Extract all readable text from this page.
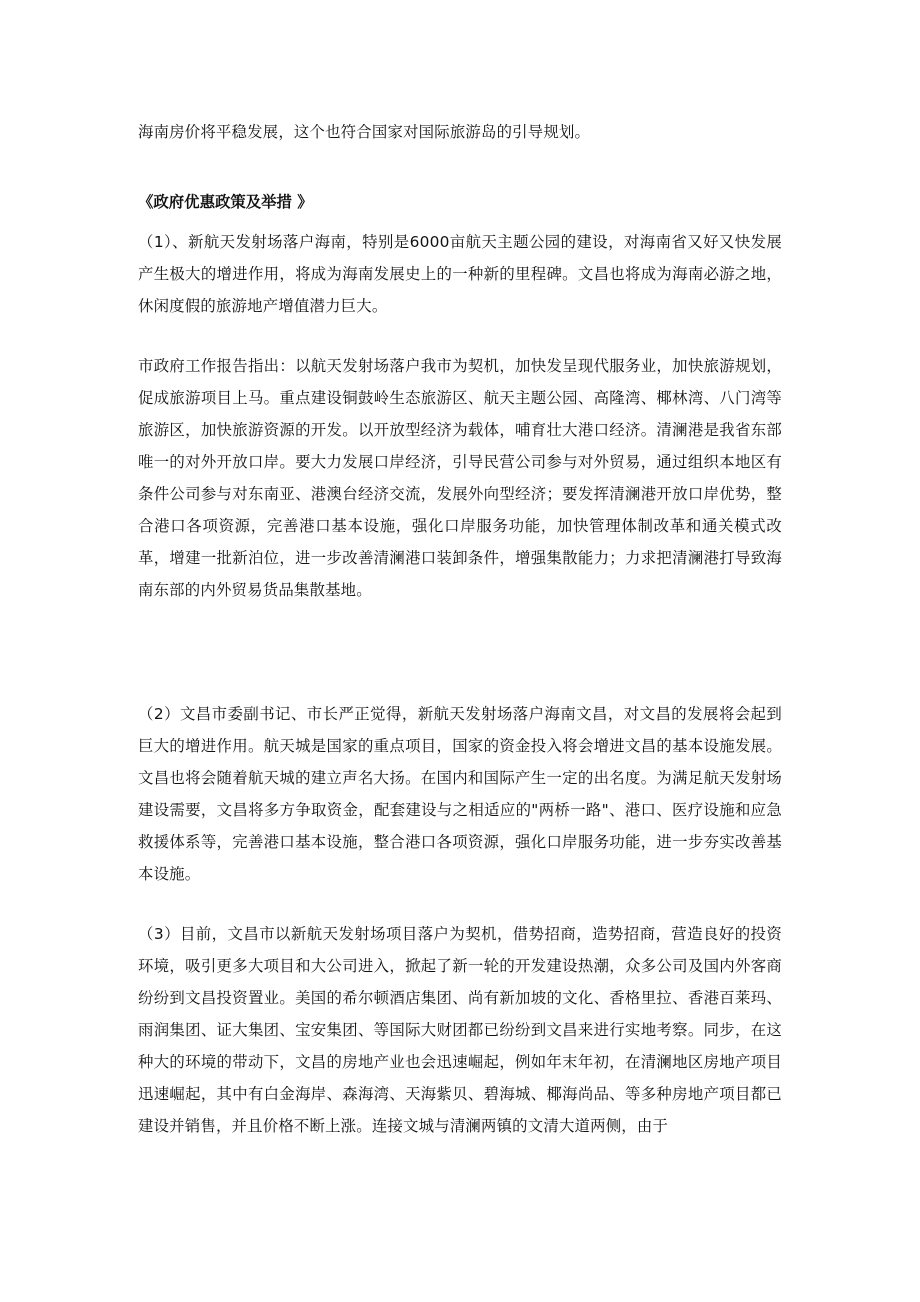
海南房价将平稳发展，这个也符合国家对国际旅游岛的引导规划。

《政府优惠政策及举措 》

（1）、新航天发射场落户海南，特别是6000亩航天主题公园的建设，对海南省又好又快发展产生极大的增进作用，将成为海南发展史上的一种新的里程碑。文昌也将成为海南必游之地，休闲度假的旅游地产增值潜力巨大。

市政府工作报告指出：以航天发射场落户我市为契机，加快发呈现代服务业，加快旅游规划，促成旅游项目上马。重点建设铜鼓岭生态旅游区、航天主题公园、高隆湾、椰林湾、八门湾等旅游区，加快旅游资源的开发。以开放型经济为载体，哺育壮大港口经济。清澜港是我省东部唯一的对外开放口岸。要大力发展口岸经济，引导民营公司参与对外贸易，通过组织本地区有条件公司参与对东南亚、港澳台经济交流，发展外向型经济；要发挥清澜港开放口岸优势，整合港口各项资源，完善港口基本设施，强化口岸服务功能，加快管理体制改革和通关模式改革，增建一批新泊位，进一步改善清澜港口装卸条件，增强集散能力；力求把清澜港打导致海南东部的内外贸易货品集散基地。

（2）文昌市委副书记、市长严正觉得，新航天发射场落户海南文昌，对文昌的发展将会起到巨大的增进作用。航天城是国家的重点项目，国家的资金投入将会增进文昌的基本设施发展。文昌也将会随着航天城的建立声名大扬。在国内和国际产生一定的出名度。为满足航天发射场建设需要，文昌将多方争取资金，配套建设与之相适应的"两桥一路"、港口、医疗设施和应急救援体系等，完善港口基本设施，整合港口各项资源，强化口岸服务功能，进一步夯实改善基本设施。

（3）目前，文昌市以新航天发射场项目落户为契机，借势招商，造势招商，营造良好的投资环境，吸引更多大项目和大公司进入，掀起了新一轮的开发建设热潮，众多公司及国内外客商纷纷到文昌投资置业。美国的希尔顿酒店集团、尚有新加坡的文化、香格里拉、香港百莱玛、雨润集团、证大集团、宝安集团、等国际大财团都已纷纷到文昌来进行实地考察。同步，在这种大的环境的带动下，文昌的房地产业也会迅速崛起，例如年末年初，在清澜地区房地产项目迅速崛起，其中有白金海岸、森海湾、天海紫贝、碧海城、椰海尚品、等多种房地产项目都已建设并销售，并且价格不断上涨。连接文城与清澜两镇的文清大道两侧，由于
